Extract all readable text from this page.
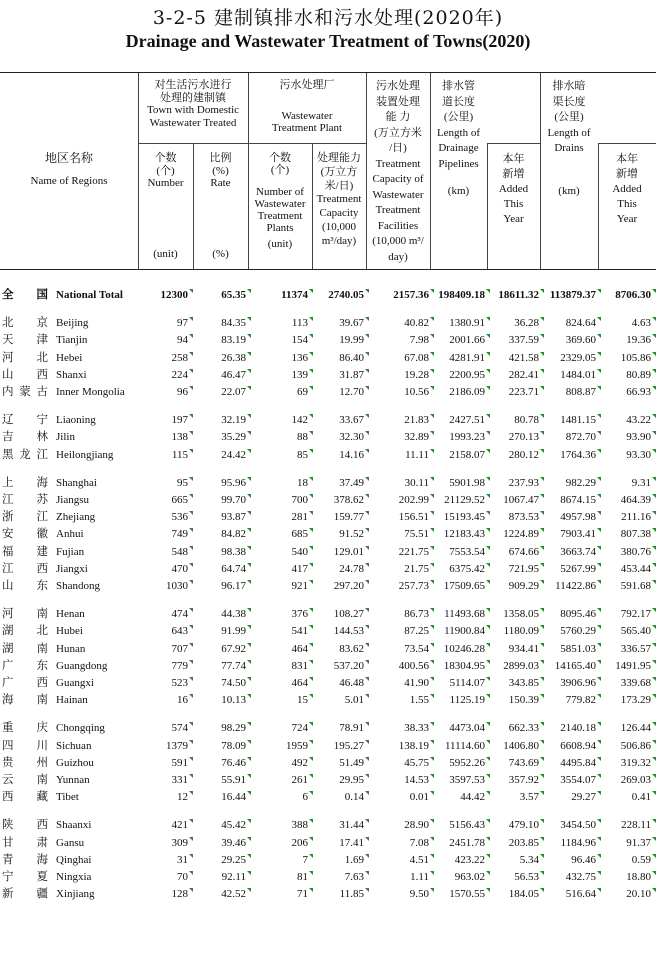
3-2-5 建制镇排水和污水处理(2020年)
Drainage and Wastewater Treatment of Towns(2020)
地区名称
Name of Regions
对生活污水进行
处理的建制镇
Town with Domestic
Wastewater Treated
污水处理厂
Wastewater
Treatment Plant
个数
(个)
Number
(unit)
比例
(%)
Rate
(%)
个数
(个)
Number of
Wastewater
Treatment
Plants
(unit)
处理能力
(万立方
米/日)
Treatment
Capacity
(10,000
m³/day)
污水处理
装置处理
能 力
(万立方米
/日)
Treatment
Capacity of
Wastewater
Treatment
Facilities
(10,000 m³/
day)
排水管
道长度
(公里)
Length of
Drainage
Pipelines
(km)
本年
新增
Added
This
Year
排水暗
渠长度
(公里)
Length of
Drains
(km)
本年
新增
Added
This
Year
全 国 National Total	12300	65.35	11374	2740.05	2157.36 198409.18	18611.32 113879.37	8706.30
北 京 Beijing	97	84.35	113	39.67	40.82	1380.91	36.28	824.64	4.63
天 津 Tianjin	94	83.19	154	19.99	7.98	2001.66	337.59	369.60	19.36
河 北 Hebei	258	26.38	136	86.40	67.08	4281.91	421.58	2329.05	105.86
山 西 Shanxi	224	46.47	139	31.87	19.28	2200.95	282.41	1484.01	80.89
内 蒙 古 Inner Mongolia	96	22.07	69	12.70	10.56	2186.09	223.71	808.87	66.93
辽 宁 Liaoning	197	32.19	142	33.67	21.83	2427.51	80.78	1481.15	43.22
吉 林 Jilin	138	35.29	88	32.30	32.89	1993.23	270.13	872.70	93.90
黑 龙 江 Heilongjiang	115	24.42	85	14.16	11.11	2158.07	280.12	1764.36	93.30
上 海 Shanghai	95	95.96	18	37.49	30.11	5901.98	237.93	982.29	9.31
江 苏 Jiangsu	665	99.70	700	378.62	202.99	21129.52	1067.47	8674.15	464.39
浙 江 Zhejiang	536	93.87	281	159.77	156.51	15193.45	873.53	4957.98	211.16
安 徽 Anhui	749	84.82	685	91.52	75.51	12183.43	1224.89	7903.41	807.38
福 建 Fujian	548	98.38	540	129.01	221.75	7553.54	674.66	3663.74	380.76
江 西 Jiangxi	470	64.74	417	24.78	21.75	6375.42	721.95	5267.99	453.44
山 东 Shandong	1030	96.17	921	297.20	257.73	17509.65	909.29	11422.86	591.68
河 南 Henan	474	44.38	376	108.27	86.73	11493.68	1358.05	8095.46	792.17
湖 北 Hubei	643	91.99	541	144.53	87.25	11900.84	1180.09	5760.29	565.40
湖 南 Hunan	707	67.92	464	83.62	73.54	10246.28	934.41	5851.03	336.57
广 东 Guangdong	779	77.74	831	537.20	400.56	18304.95	2899.03	14165.40	1491.95
广 西 Guangxi	523	74.50	464	46.48	41.90	5114.07	343.85	3906.96	339.68
海 南 Hainan	16	10.13	15	5.01	1.55	1125.19	150.39	779.82	173.29
重 庆 Chongqing	574	98.29	724	78.91	38.33	4473.04	662.33	2140.18	126.44
四 川 Sichuan	1379	78.09	1959	195.27	138.19	11114.60	1406.80	6608.94	506.86
贵 州 Guizhou	591	76.46	492	51.49	45.75	5952.26	743.69	4495.84	319.32
云 南 Yunnan	331	55.91	261	29.95	14.53	3597.53	357.92	3554.07	269.03
西 藏 Tibet	12	16.44	6	0.14	0.01	44.42	3.57	29.27	0.41
陕 西 Shaanxi	421	45.42	388	31.44	28.90	5156.43	479.10	3454.50	228.11
甘 肃 Gansu	309	39.46	206	17.41	7.08	2451.78	203.85	1184.96	91.37
青 海 Qinghai	31	29.25	7	1.69	4.51	423.22	5.34	96.46	0.59
宁 夏 Ningxia	70	92.11	81	7.63	1.11	963.02	56.53	432.75	18.80
新 疆 Xinjiang	128	42.52	71	11.85	9.50	1570.55	184.05	516.64	20.10
